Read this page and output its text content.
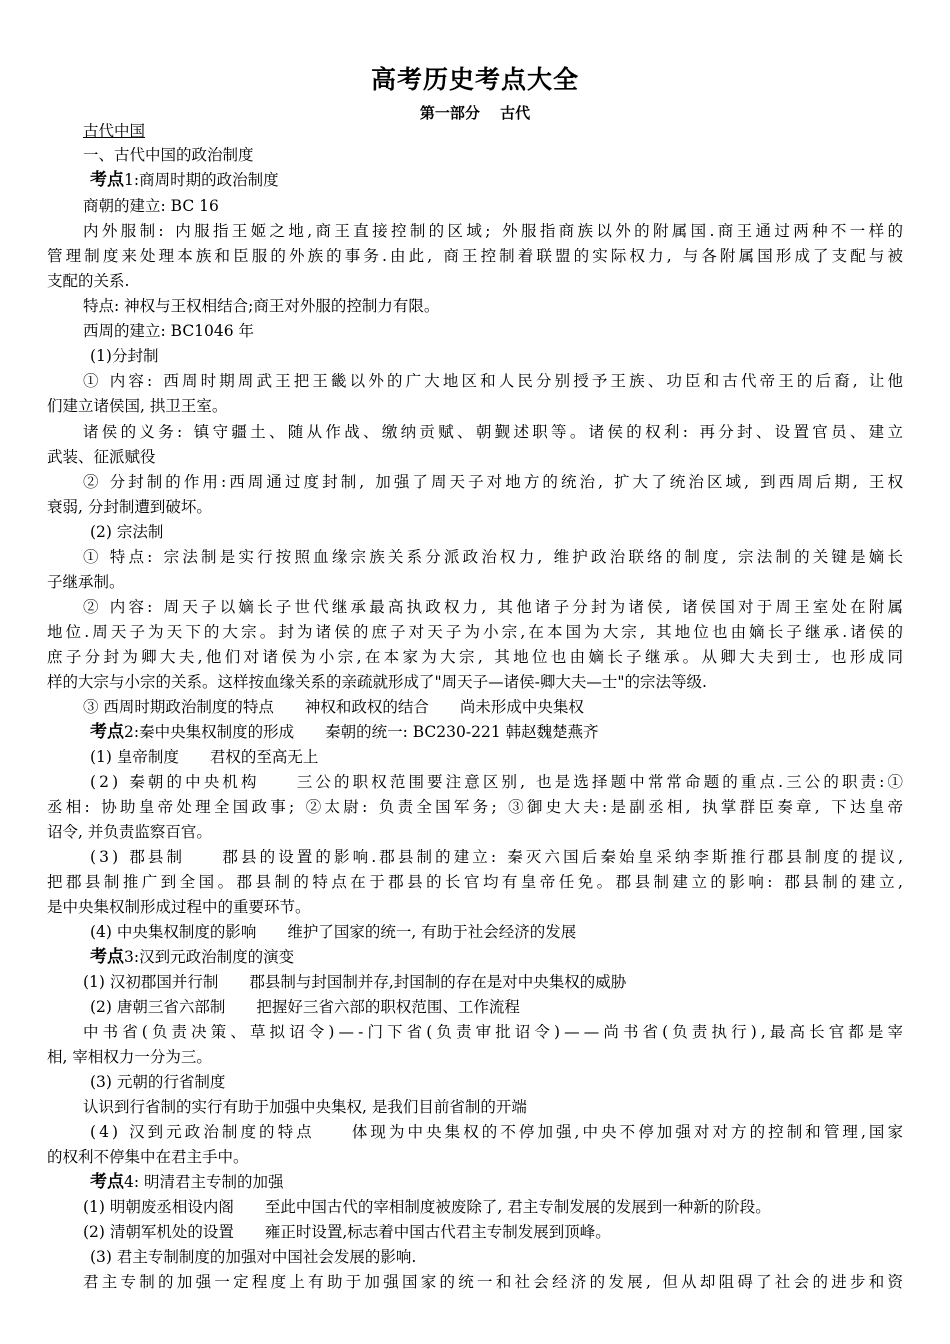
高考历史考点大全
第一部分　 古代
古代中国
一、古代中国的政治制度
考点1:商周时期的政治制度
商朝的建立: BC 16
内外服制: 内服指王姬之地,商王直接控制的区域; 外服指商族以外的附属国.商王通过两种不一样的
管理制度来处理本族和臣服的外族的事务.由此, 商王控制着联盟的实际权力, 与各附属国形成了支配与被
支配的关系.
特点: 神权与王权相结合;商王对外服的控制力有限。
西周的建立: BC1046 年
(1)分封制
① 内容: 西周时期周武王把王畿以外的广大地区和人民分别授予王族、功臣和古代帝王的后裔, 让他
们建立诸侯国, 拱卫王室。
诸侯的义务: 镇守疆土、随从作战、缴纳贡赋、朝觐述职等。诸侯的权利: 再分封、设置官员、建立
武装、征派赋役
② 分封制的作用:西周通过度封制, 加强了周天子对地方的统治, 扩大了统治区域, 到西周后期, 王权
衰弱, 分封制遭到破坏。
(2) 宗法制
① 特点: 宗法制是实行按照血缘宗族关系分派政治权力, 维护政治联络的制度, 宗法制的关键是嫡长
子继承制。
② 内容: 周天子以嫡长子世代继承最高执政权力, 其他诸子分封为诸侯, 诸侯国对于周王室处在附属
地位.周天子为天下的大宗。封为诸侯的庶子对天子为小宗,在本国为大宗, 其地位也由嫡长子继承.诸侯的
庶子分封为卿大夫,他们对诸侯为小宗,在本家为大宗, 其地位也由嫡长子继承。从卿大夫到士, 也形成同
样的大宗与小宗的关系。这样按血缘关系的亲疏就形成了"周天子—诸侯-卿大夫—士"的宗法等级.
③ 西周时期政治制度的特点　　神权和政权的结合　　尚未形成中央集权
考点2:秦中央集权制度的形成　　秦朝的统一: BC230-221 韩赵魏楚燕齐
(1) 皇帝制度　　君权的至高无上
(2) 秦朝的中央机构　　三公的职权范围要注意区别, 也是选择题中常常命题的重点.三公的职责:①
丞相: 协助皇帝处理全国政事; ②太尉: 负责全国军务; ③御史大夫:是副丞相, 执掌群臣奏章, 下达皇帝
诏令, 并负责监察百官。
(3) 郡县制　　郡县的设置的影响.郡县制的建立: 秦灭六国后秦始皇采纳李斯推行郡县制度的提议,
把郡县制推广到全国。郡县制的特点在于郡县的长官均有皇帝任免。郡县制建立的影响: 郡县制的建立,
是中央集权制形成过程中的重要环节。
(4) 中央集权制度的影响　　维护了国家的统一, 有助于社会经济的发展
考点3:汉到元政治制度的演变
(1) 汉初郡国并行制　　郡县制与封国制并存,封国制的存在是对中央集权的威胁
(2) 唐朝三省六部制　　把握好三省六部的职权范围、工作流程
中书省(负责决策、草拟诏令)—-门下省(负责审批诏令)——尚书省(负责执行),最高长官都是宰
相, 宰相权力一分为三。
(3) 元朝的行省制度
认识到行省制的实行有助于加强中央集权, 是我们目前省制的开端
(4) 汉到元政治制度的特点　　体现为中央集权的不停加强,中央不停加强对对方的控制和管理,国家
的权利不停集中在君主手中。
考点4: 明清君主专制的加强
(1) 明朝废丞相设内阁　　至此中国古代的宰相制度被废除了, 君主专制发展的发展到一种新的阶段。
(2) 清朝军机处的设置　　雍正时设置,标志着中国古代君主专制发展到顶峰。
(3) 君主专制制度的加强对中国社会发展的影响.
君主专制的加强一定程度上有助于加强国家的统一和社会经济的发展, 但从却阻碍了社会的进步和资
